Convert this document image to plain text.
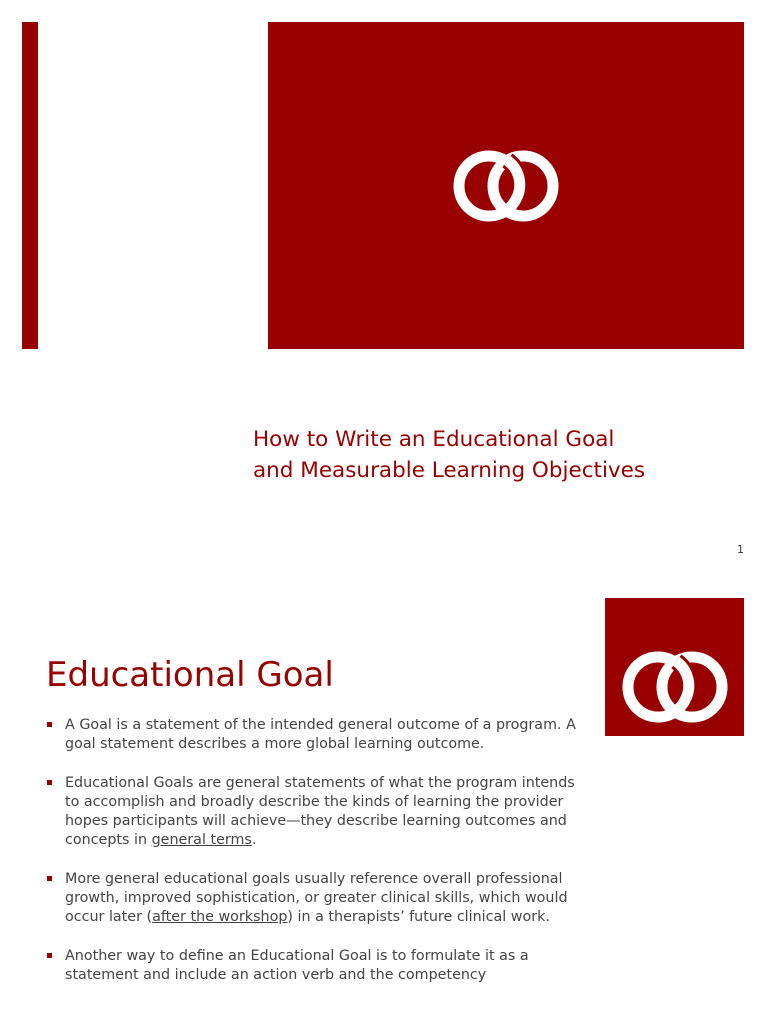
How to Write an Educational Goal
and Measurable Learning Objectives
1
Educational Goal
A Goal is a statement of the intended general outcome of a program. A goal statement describes a more global learning outcome.
Educational Goals are general statements of what the program intends to accomplish and broadly describe the kinds of learning the provider hopes participants will achieve—they describe learning outcomes and concepts in general terms.
More general educational goals usually reference overall professional growth, improved sophistication, or greater clinical skills, which would occur later (after the workshop) in a therapists’ future clinical work.
Another way to define an Educational Goal is to formulate it as a statement and include an action verb and the competency
